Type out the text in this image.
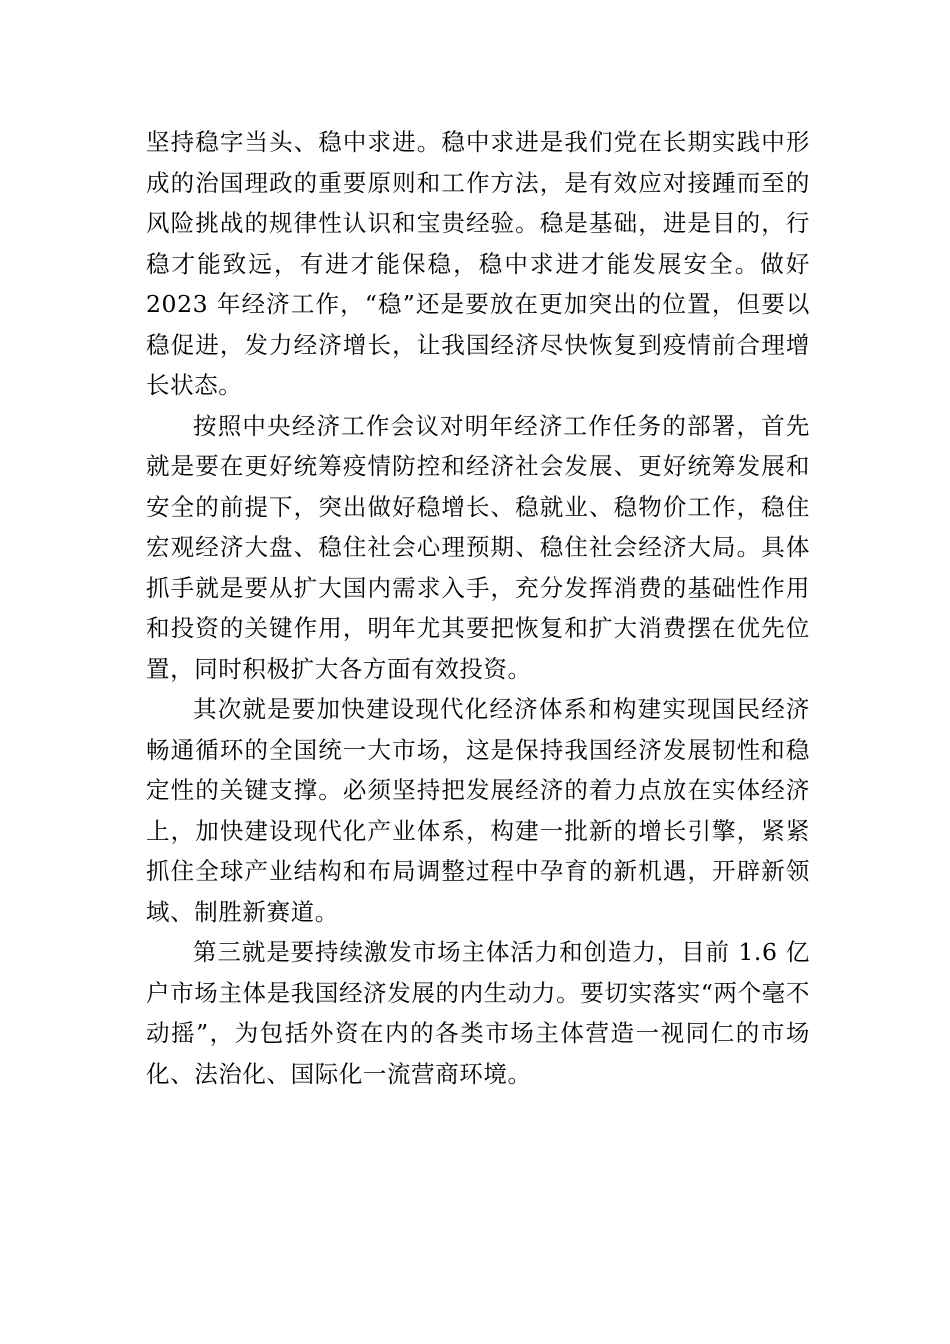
坚持稳字当头、稳中求进。稳中求进是我们党在长期实践中形成的治国理政的重要原则和工作方法，是有效应对接踵而至的风险挑战的规律性认识和宝贵经验。稳是基础，进是目的，行稳才能致远，有进才能保稳，稳中求进才能发展安全。做好 2023 年经济工作，“稳”还是要放在更加突出的位置，但要以稳促进，发力经济增长，让我国经济尽快恢复到疫情前合理增长状态。

按照中央经济工作会议对明年经济工作任务的部署，首先就是要在更好统筹疫情防控和经济社会发展、更好统筹发展和安全的前提下，突出做好稳增长、稳就业、稳物价工作，稳住宏观经济大盘、稳住社会心理预期、稳住社会经济大局。具体抓手就是要从扩大国内需求入手，充分发挥消费的基础性作用和投资的关键作用，明年尤其要把恢复和扩大消费摆在优先位置，同时积极扩大各方面有效投资。

其次就是要加快建设现代化经济体系和构建实现国民经济畅通循环的全国统一大市场，这是保持我国经济发展韧性和稳定性的关键支撑。必须坚持把发展经济的着力点放在实体经济上，加快建设现代化产业体系，构建一批新的增长引擎，紧紧抓住全球产业结构和布局调整过程中孕育的新机遇，开辟新领域、制胜新赛道。

第三就是要持续激发市场主体活力和创造力，目前 1.6 亿户市场主体是我国经济发展的内生动力。要切实落实“两个毫不动摇”，为包括外资在内的各类市场主体营造一视同仁的市场化、法治化、国际化一流营商环境。
